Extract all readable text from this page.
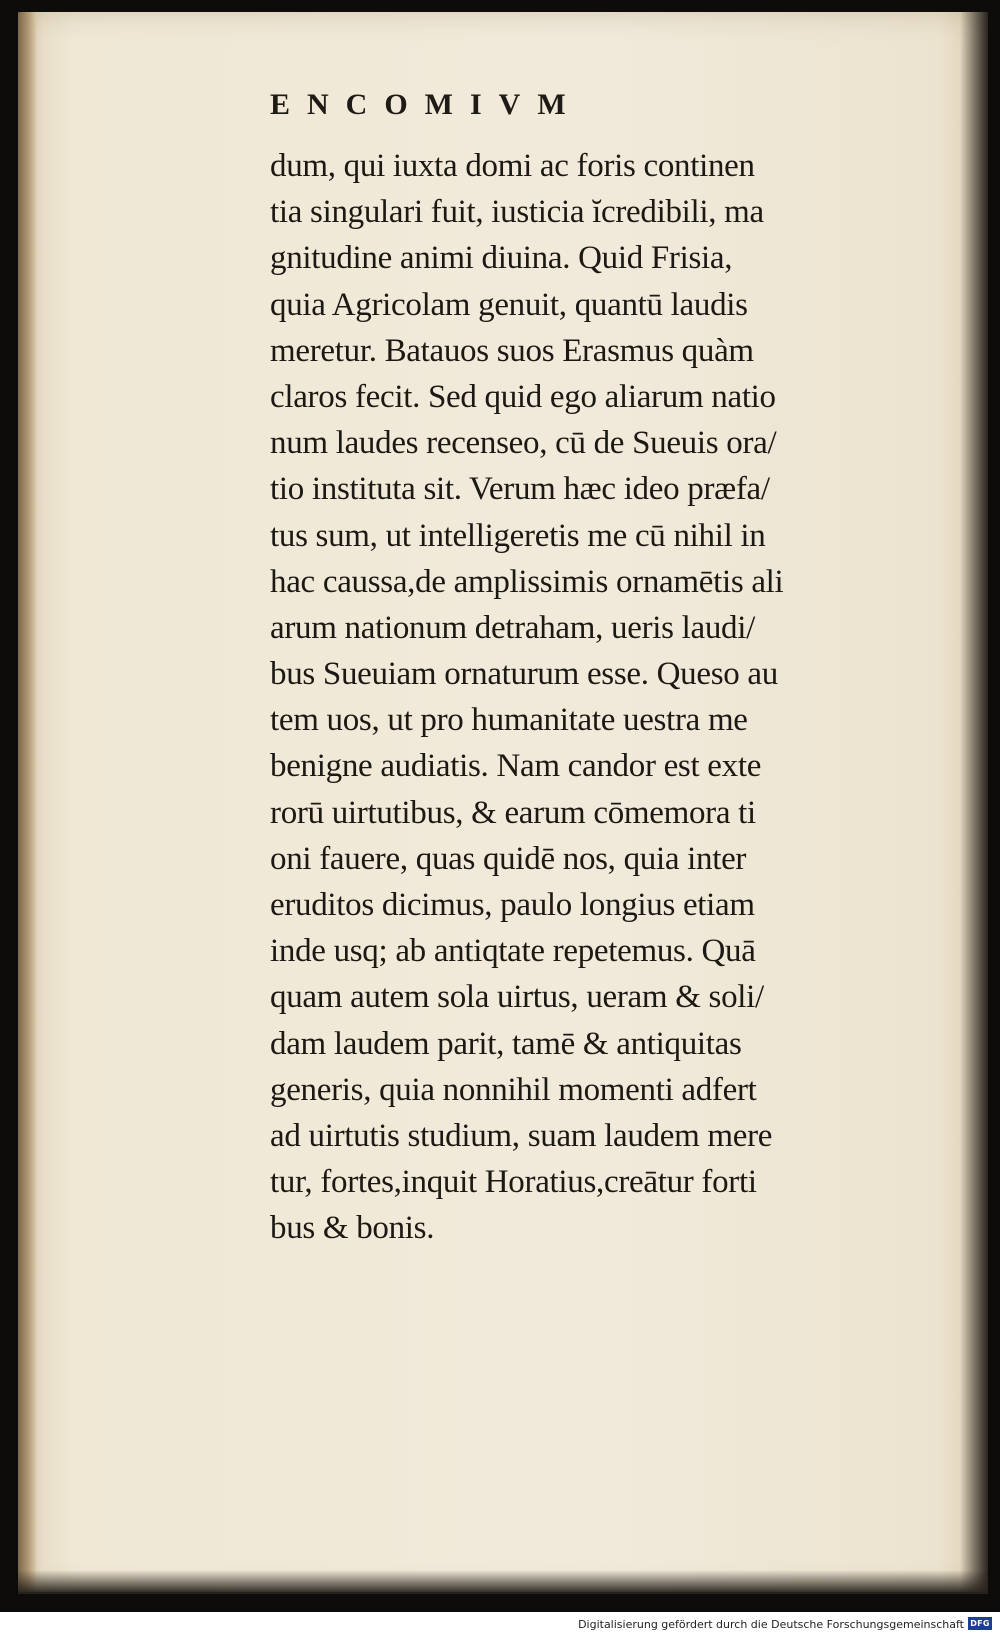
ENCOMIVM
dum, qui iuxta domi ac foris continen
tia singulari fuit, iusticia ĭcredibili, ma
gnitudine animi diuina. Quid Frisia,
quia Agricolam genuit, quantū laudis
meretur. Batauos suos Erasmus quàm
claros fecit. Sed quid ego aliarum natio
num laudes recenseo, cū de Sueuis ora/
tio instituta sit. Verum hæc ideo præfa/
tus sum, ut intelligeretis me cū nihil in
hac caussa,de amplissimis ornamētis ali
arum nationum detraham, ueris laudi/
bus Sueuiam ornaturum esse. Queso au
tem uos, ut pro humanitate uestra me
benigne audiatis. Nam candor est exte
rorū uirtutibus, & earum cōmemora ti
oni fauere, quas quidē nos, quia inter
eruditos dicimus, paulo longius etiam
inde usq; ab antiqtate repetemus. Quā
quam autem sola uirtus, ueram & soli/
dam laudem parit, tamē & antiquitas
generis, quia nonnihil momenti adfert
ad uirtutis studium, suam laudem mere
tur, fortes,inquit Horatius,creātur forti
bus & bonis.
Digitalisierung gefördert durch die Deutsche Forschungsgemeinschaft DFG
